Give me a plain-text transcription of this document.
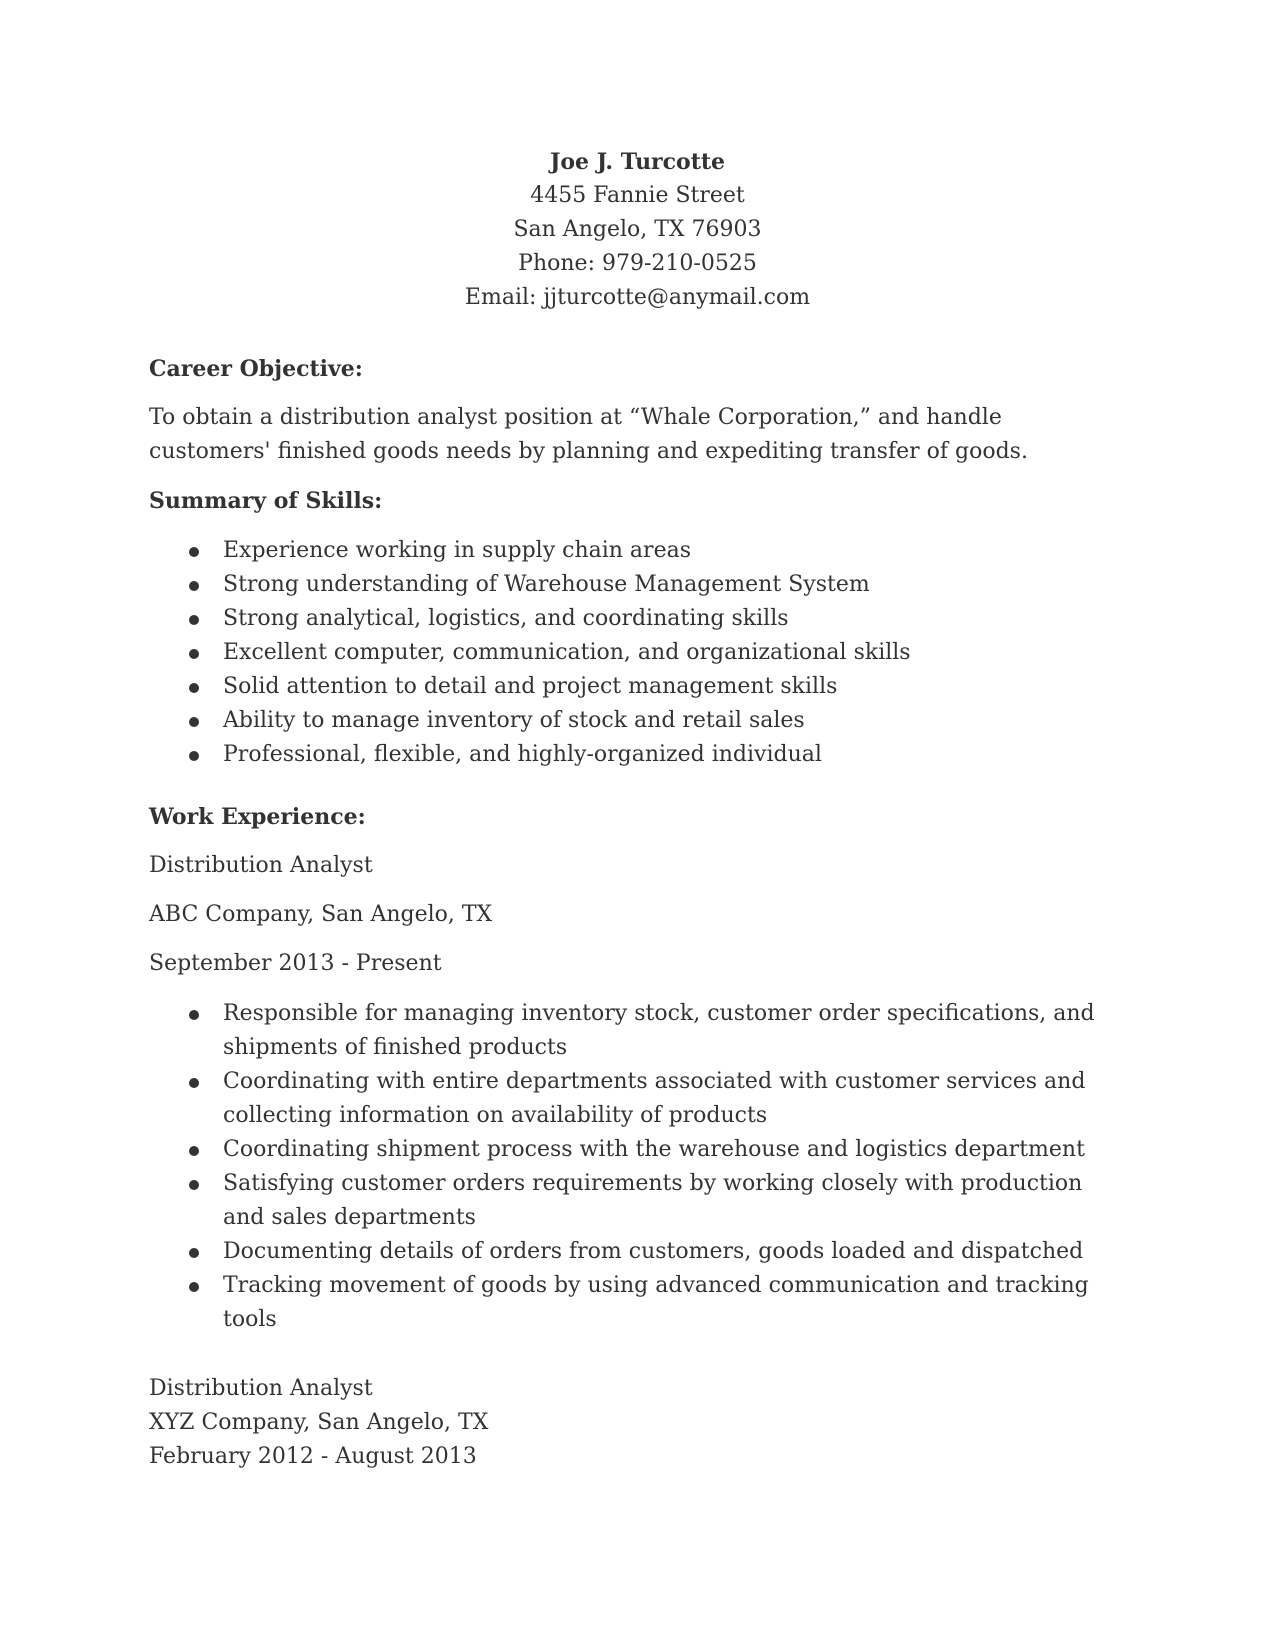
Joe J. Turcotte
4455 Fannie Street
San Angelo, TX 76903
Phone: 979-210-0525
Email: jjturcotte@anymail.com
Career Objective:
To obtain a distribution analyst position at “Whale Corporation,” and handle customers' finished goods needs by planning and expediting transfer of goods.
Summary of Skills:
Experience working in supply chain areas
Strong understanding of Warehouse Management System
Strong analytical, logistics, and coordinating skills
Excellent computer, communication, and organizational skills
Solid attention to detail and project management skills
Ability to manage inventory of stock and retail sales
Professional, flexible, and highly-organized individual
Work Experience:
Distribution Analyst
ABC Company, San Angelo, TX
September 2013 - Present
Responsible for managing inventory stock, customer order specifications, and shipments of finished products
Coordinating with entire departments associated with customer services and collecting information on availability of products
Coordinating shipment process with the warehouse and logistics department
Satisfying customer orders requirements by working closely with production and sales departments
Documenting details of orders from customers, goods loaded and dispatched
Tracking movement of goods by using advanced communication and tracking tools
Distribution Analyst
XYZ Company, San Angelo, TX
February 2012 - August 2013
